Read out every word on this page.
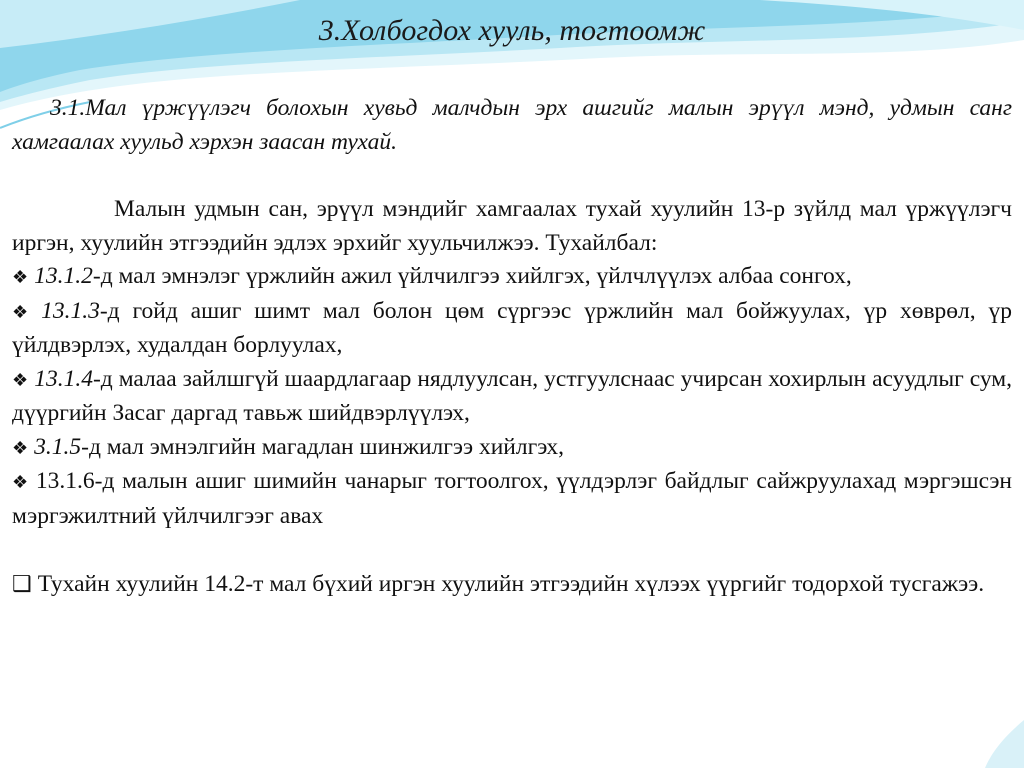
3.Холбогдох хууль, тогтоомж

3.1.Мал үржүүлэгч болохын хувьд малчдын эрх ашгийг малын эрүүл мэнд, удмын санг хамгаалах хуульд хэрхэн заасан тухай.

Малын удмын сан, эрүүл мэндийг хамгаалах тухай хуулийн 13-р зүйлд мал үржүүлэгч иргэн, хуулийн этгээдийн эдлэх эрхийг хуульчилжээ. Тухайлбал:

❖ 13.1.2-д мал эмнэлэг үржлийн ажил үйлчилгээ хийлгэх, үйлчлүүлэх албаа сонгох,

❖ 13.1.3-д гойд ашиг шимт мал болон цөм сүргээс үржлийн мал бойжуулах, үр хөврөл, үр үйлдвэрлэх, худалдан борлуулах,

❖ 13.1.4-д малаа зайлшгүй шаардлагаар нядлуулсан, устгуулснаас учирсан хохирлын асуудлыг сум, дүүргийн Засаг даргад тавьж шийдвэрлүүлэх,

❖ 3.1.5-д мал эмнэлгийн магадлан шинжилгээ хийлгэх,

❖ 13.1.6-д малын ашиг шимийн чанарыг тогтоолгох, үүлдэрлэг байдлыг сайжруулахад мэргэшсэн мэргэжилтний үйлчилгээг авах

❑ Тухайн хуулийн 14.2-т мал бүхий иргэн хуулийн этгээдийн хүлээх үүргийг тодорхой тусгажээ.
